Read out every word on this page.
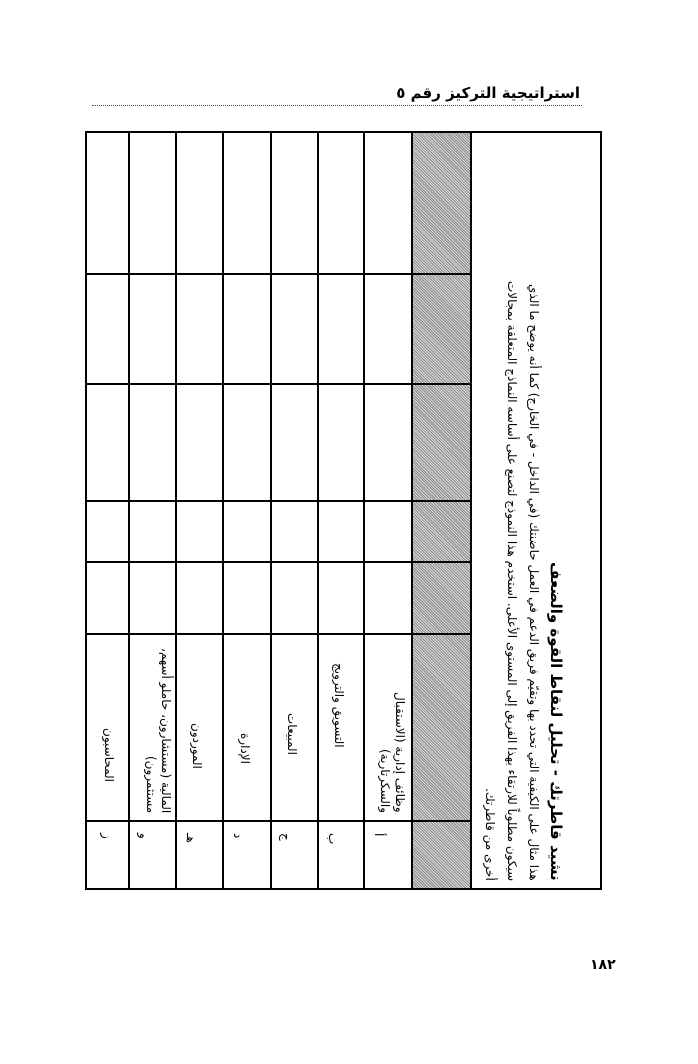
استراتيجية التركيز رقم ٥
نشيد قاطرتك - تحليل لنقاط القوة والضعف
هذا مثال على الكيفية التي تحدد بها وتقيّم فريق الدعم في العمل حاضنتك (في الداخل - في الخارج) كما أنه يوضح ما الذي
سيكون مطلوباً للارتقاء بهذا الفريق إلى المستوى الأعلى. استخدم هذا النموذج لتصنع على أساسه النماذج المتعلقة بمجالات
أخرى من قاطرتك.
أ
ب
ج
د
هـ
و
ز
وظائف إدارية (الاستقبال والسكرتارية)
التسويق والترويج
المبيعات
الإدارة
الموردون
المالية (مستشارون، حاملو أسهم، مستثمرون)
المحاسبون
١٨٢
